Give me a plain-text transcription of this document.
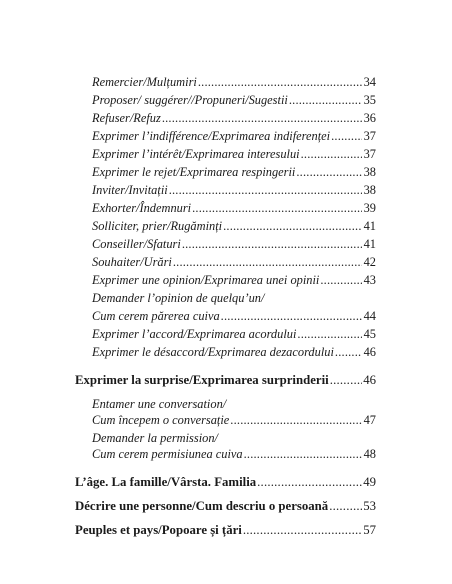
Remercier/Mulțumiri .....	34
Proposer/ suggérer//Propuneri/Sugestii .....	35
Refuser/Refuz .....	36
Exprimer l’indifférence/Exprimarea indiferenței .....	37
Exprimer l’intérêt/Exprimarea interesului .....	37
Exprimer le rejet/Exprimarea respingerii .....	38
Inviter/Invitații .....	38
Exhorter/Îndemnuri .....	39
Solliciter, prier/Rugăminți .....	41
Conseiller/Sfaturi .....	41
Souhaiter/Urări .....	42
Exprimer une opinion/Exprimarea unei opinii .....	43
Demander l’opinion de quelqu’un/
Cum cerem părerea cuiva .....	44
Exprimer l’accord/Exprimarea acordului .....	45
Exprimer le désaccord/Exprimarea dezacordului ..... 46
Exprimer la surprise/Exprimarea surprinderii .....	46
Entamer une conversation/
Cum începem o conversație .....	47
Demander la permission/
Cum cerem permisiunea cuiva .....	48
L’âge. La famille/Vârsta. Familia .....	49
Décrire une personne/Cum descriu o persoană .....	53
Peuples et pays/Popoare și țări .....	57
